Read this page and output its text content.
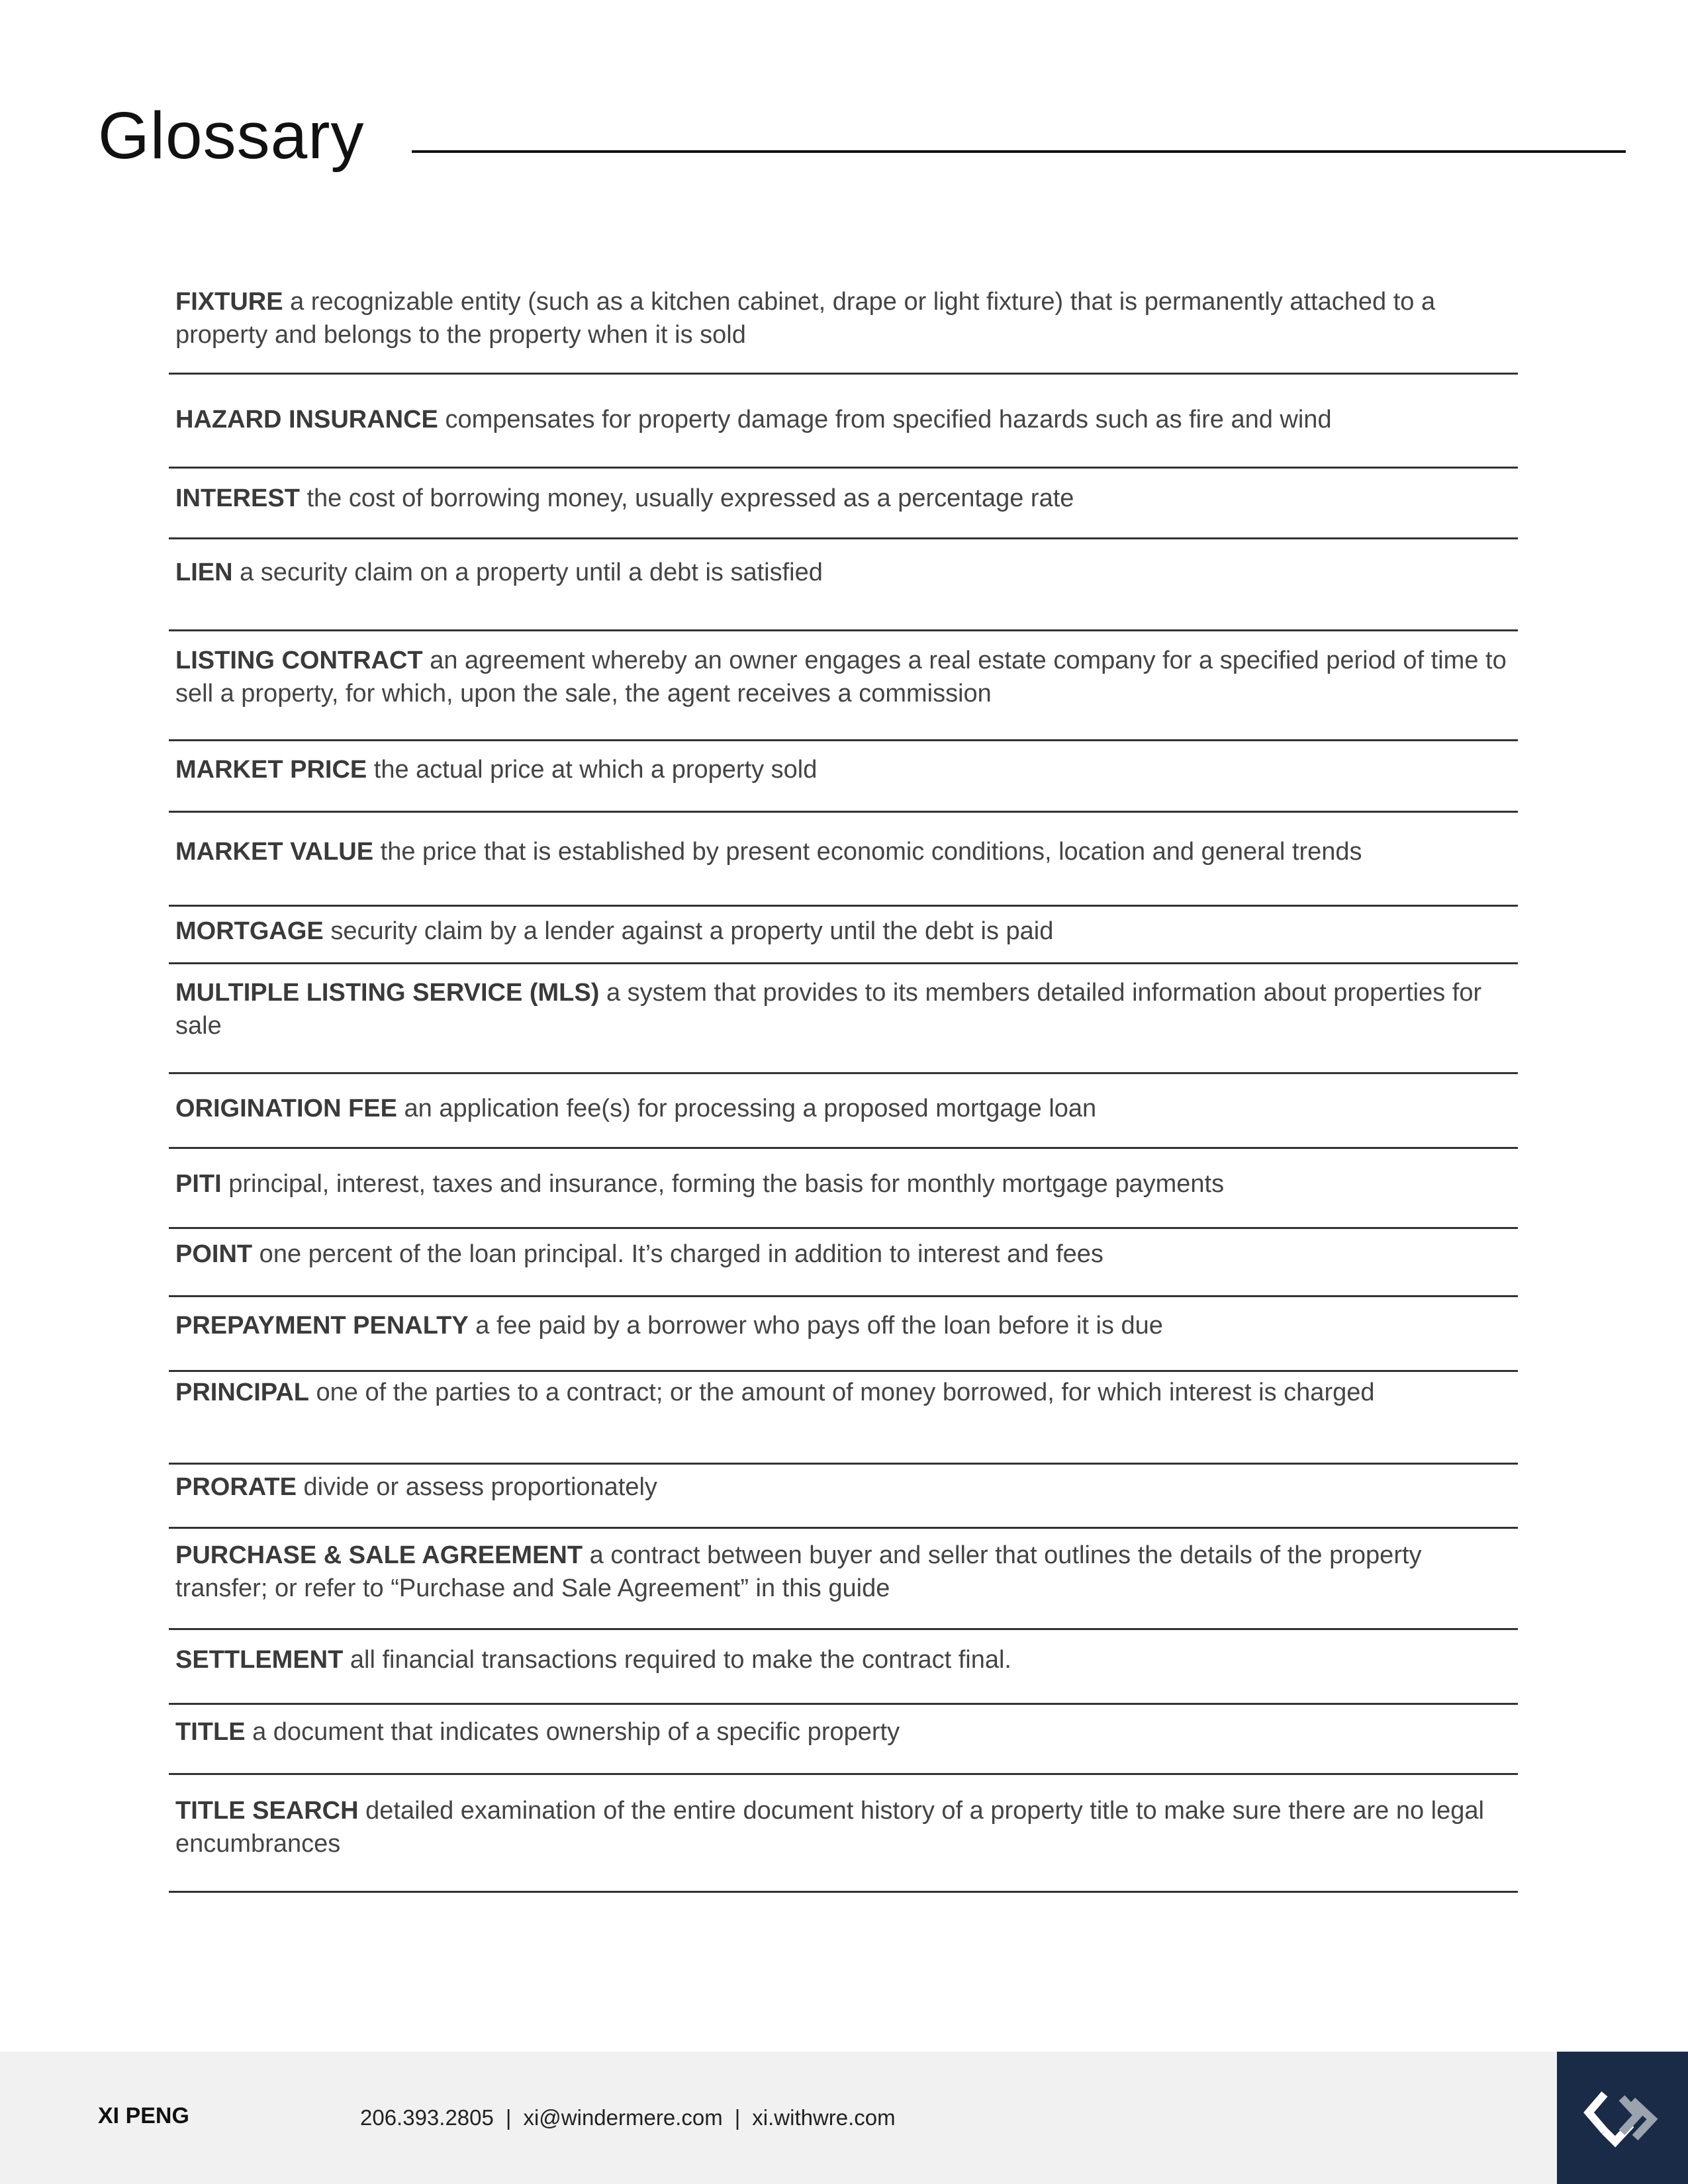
Glossary
FIXTURE a recognizable entity (such as a kitchen cabinet, drape or light fixture) that is permanently attached to a property and belongs to the property when it is sold
HAZARD INSURANCE compensates for property damage from specified hazards such as fire and wind
INTEREST the cost of borrowing money, usually expressed as a percentage rate
LIEN a security claim on a property until a debt is satisfied
LISTING CONTRACT an agreement whereby an owner engages a real estate company for a specified period of time to sell a property, for which, upon the sale, the agent receives a commission
MARKET PRICE the actual price at which a property sold
MARKET VALUE the price that is established by present economic conditions, location and general trends
MORTGAGE security claim by a lender against a property until the debt is paid
MULTIPLE LISTING SERVICE (MLS) a system that provides to its members detailed information about properties for sale
ORIGINATION FEE an application fee(s) for processing a proposed mortgage loan
PITI principal, interest, taxes and insurance, forming the basis for monthly mortgage payments
POINT one percent of the loan principal. It’s charged in addition to interest and fees
PREPAYMENT PENALTY a fee paid by a borrower who pays off the loan before it is due
PRINCIPAL one of the parties to a contract; or the amount of money borrowed, for which interest is charged
PRORATE divide or assess proportionately
PURCHASE & SALE AGREEMENT a contract between buyer and seller that outlines the details of the property transfer; or refer to “Purchase and Sale Agreement” in this guide
SETTLEMENT all financial transactions required to make the contract final.
TITLE a document that indicates ownership of a specific property
TITLE SEARCH detailed examination of the entire document history of a property title to make sure there are no legal encumbrances
XI PENG	206.393.2805 | xi@windermere.com | xi.withwre.com
